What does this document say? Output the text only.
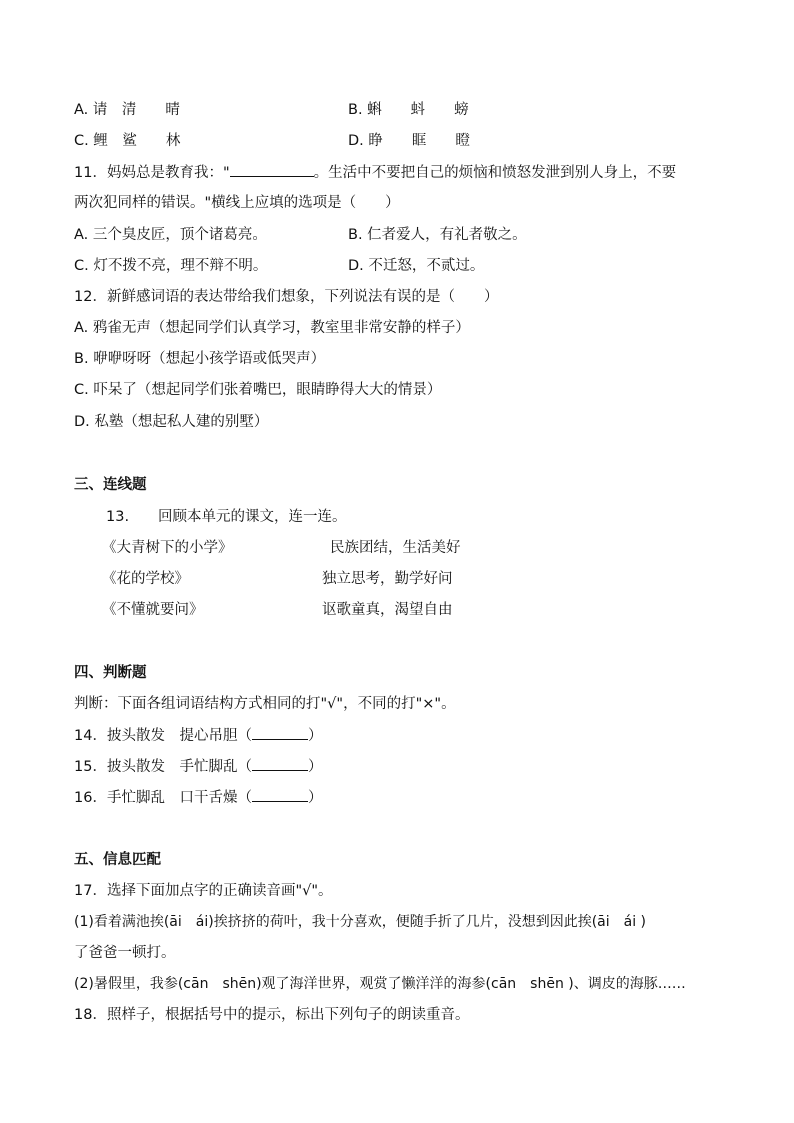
A. 请　清　　晴	B. 蝌　　蚪　　螃
C. 鲤　鲨　　林	D. 睁　　眶　　瞪
11．妈妈总是教育我："	。生活中不要把自己的烦恼和愤怒发泄到别人身上，不要
两次犯同样的错误。"横线上应填的选项是（　　）
A. 三个臭皮匠，顶个诸葛亮。	B. 仁者爱人，有礼者敬之。
C. 灯不拨不亮，理不辩不明。	D. 不迁怒，不贰过。
12．新鲜感词语的表达带给我们想象，下列说法有误的是（　　）
A. 鸦雀无声（想起同学们认真学习，教室里非常安静的样子）
B. 咿咿呀呀（想起小孩学语或低哭声）
C. 吓呆了（想起同学们张着嘴巴，眼睛睁得大大的情景）
D. 私塾（想起私人建的别墅）
三、连线题
13.　　回顾本单元的课文，连一连。
《大青树下的小学》	民族团结，生活美好
《花的学校》	独立思考，勤学好问
《不懂就要问》	讴歌童真，渴望自由
四、判断题
判断：下面各组词语结构方式相同的打"√"，不同的打"×"。
14．披头散发　提心吊胆（	）
15．披头散发　手忙脚乱（	）
16．手忙脚乱　口干舌燥（	）
五、信息匹配
17．选择下面加点字的正确读音画"√"。
(1)看着满池挨(āi　ái)挨挤挤的荷叶，我十分喜欢，便随手折了几片，没想到因此挨(āi　ái )
了爸爸一顿打。
(2)暑假里，我参(cān　shēn)观了海洋世界，观赏了懒洋洋的海参(cān　shēn )、调皮的海豚……
18．照样子，根据括号中的提示，标出下列句子的朗读重音。
